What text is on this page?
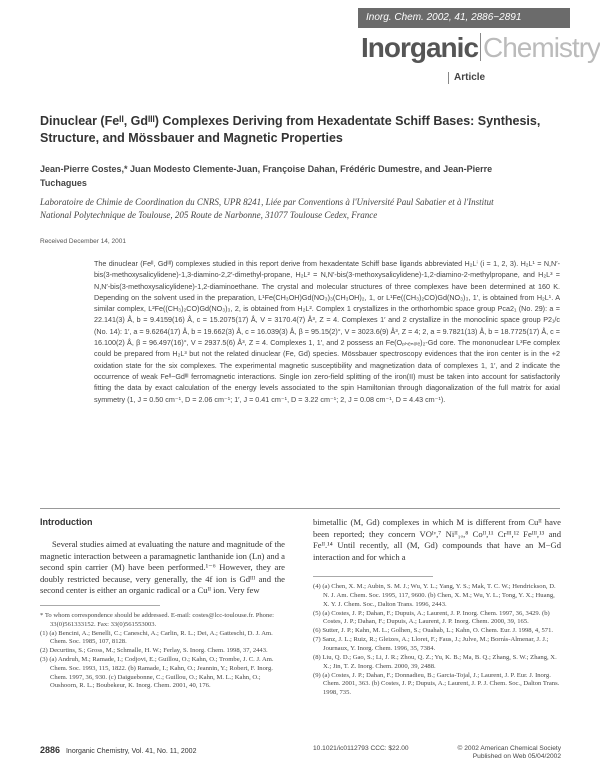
Inorg. Chem. 2002, 41, 2886−2891
Inorganic Chemistry
Article
Dinuclear (Feᴵᴵ, Gdᴵᴵᴵ) Complexes Deriving from Hexadentate Schiff Bases: Synthesis, Structure, and Mössbauer and Magnetic Properties
Jean-Pierre Costes,* Juan Modesto Clemente-Juan, Françoise Dahan, Frédéric Dumestre, and Jean-Pierre Tuchagues
Laboratoire de Chimie de Coordination du CNRS, UPR 8241, Liée par Conventions à l'Université Paul Sabatier et à l'Institut National Polytechnique de Toulouse, 205 Route de Narbonne, 31077 Toulouse Cedex, France
Received December 14, 2001
The dinuclear (Feᴵᴵ, Gdᴵᴵᴵ) complexes studied in this report derive from hexadentate Schiff base ligands abbreviated H₂Lⁱ (i = 1, 2, 3). H₂L¹ = N,N′-bis(3-methoxysalicylidene)-1,3-diamino-2,2′-dimethyl-propane, H₂L² = N,N′-bis(3-methoxysalicylidene)-1,2-diamino-2-methylpropane, and H₂L³ = N,N′-bis(3-methoxysalicylidene)-1,2-diaminoethane. The crystal and molecular structures of three complexes have been determined at 160 K. Depending on the solvent used in the preparation, L¹Fe(CH₃OH)Gd(NO₃)₃(CH₃OH)₂, 1, or L¹Fe((CH₃)₂CO)Gd(NO₃)₃, 1′, is obtained from H₂L¹. A similar complex, L²Fe((CH₃)₂CO)Gd(NO₃)₃, 2, is obtained from H₂L². Complex 1 crystallizes in the orthorhombic space group Pca2₁ (No. 29): a = 22.141(3) Å, b = 9.4159(16) Å, c = 15.2075(17) Å, V = 3170.4(7) Å³, Z = 4. Complexes 1′ and 2 crystallize in the monoclinic space group P2₁/c (No. 14): 1′, a = 9.6264(17) Å, b = 19.662(3) Å, c = 16.039(3) Å, β = 95.15(2)°, V = 3023.6(9) Å³, Z = 4; 2, a = 9.7821(13) Å, b = 18.7725(17) Å, c = 16.100(2) Å, β = 96.497(16)°, V = 2937.5(6) Å³, Z = 4. Complexes 1, 1′, and 2 possess an Fe(Oₚₕₑₙₒₗₑ)₂-Gd core. The mononuclear L³Fe complex could be prepared from H₂L³ but not the related dinuclear (Fe, Gd) species. Mössbauer spectroscopy evidences that the iron center is in the +2 oxidation state for the six complexes. The experimental magnetic susceptibility and magnetization data of complexes 1, 1′, and 2 indicate the occurrence of weak Feᴵᴵ−Gdᴵᴵᴵ ferromagnetic interactions. Single ion zero-field splitting of the iron(II) must be taken into account for satisfactorily fitting the data by exact calculation of the energy levels associated to the spin Hamiltonian through diagonalization of the full matrix for axial symmetry (1, J = 0.50 cm⁻¹, D = 2.06 cm⁻¹; 1′, J = 0.41 cm⁻¹, D = 3.22 cm⁻¹; 2, J = 0.08 cm⁻¹, D = 4.43 cm⁻¹).
Introduction
Several studies aimed at evaluating the nature and magnitude of the magnetic interaction between a paramagnetic lanthanide ion (Ln) and a second spin carrier (M) have been performed.¹⁻⁶ However, they are doubly restricted because, very generally, the 4f ion is Gdᴵᴵᴵ and the second center is either an organic radical or a Cuᴵᴵ ion. Very few
* To whom correspondence should be addressed. E-mail: costes@lcc-toulouse.fr. Phone: 33(0)561333152. Fax: 33(0)561553003.
(1) (a) Bencini, A.; Benelli, C.; Caneschi, A.; Carlin, R. L.; Dei, A.; Gatteschi, D. J. Am. Chem. Soc. 1985, 107, 8128.
(2) Decurtins, S.; Gross, M.; Schmalle, H. W.; Ferlay, S. Inorg. Chem. 1998, 37, 2443.
(3) (a) Andruh, M.; Ramade, I.; Codjovi, E.; Guillou, O.; Kahn, O.; Trombe, J. C. J. Am. Chem. Soc. 1993, 115, 1822. (b) Ramade, I.; Kahn, O.; Jeannin, Y.; Robert, F. Inorg. Chem. 1997, 36, 930. (c) Daiguebonne, C.; Guillou, O.; Kahn, M. L.; Kahn, O.; Oushoorn, R. L.; Boubekeur, K. Inorg. Chem. 2001, 40, 176.
bimetallic (M, Gd) complexes in which M is different from Cuᴵᴵ have been reported; they concern VOᴵᵛ,⁷ Niᴵᴵ₁ₒ,⁸ Coᴵᴵ,¹¹ Crᴵᴵᴵ,¹² Feᴵᴵᴵ,¹³ and Feᴵᴵ.¹⁴ Until recently, all (M, Gd) compounds that have an M−Gd interaction and for which a
(4) (a) Chen, X. M.; Aubin, S. M. J.; Wu, Y. L.; Yang, Y. S.; Mak, T. C. W.; Hendrickson, D. N. J. Am. Chem. Soc. 1995, 117, 9600. (b) Chen, X. M.; Wu, Y. L.; Tong, Y. X.; Huang, X. Y. J. Chem. Soc., Dalton Trans. 1996, 2443.
(5) (a) Costes, J. P.; Dahan, F.; Dupuis, A.; Laurent, J. P. Inorg. Chem. 1997, 36, 3429. (b) Costes, J. P.; Dahan, F.; Dupuis, A.; Laurent, J. P. Inorg. Chem. 2000, 39, 165.
(6) Sutter, J. P.; Kahn, M. L.; Golhen, S.; Ouahab, L.; Kahn, O. Chem. Eur. J. 1998, 4, 571.
(7) Sanz, J. L.; Ruiz, R.; Gleizes, A.; Lloret, F.; Faus, J.; Julve, M.; Borrás-Almenar, J. J.; Journaux, Y. Inorg. Chem. 1996, 35, 7384.
(8) Liu, Q. D.; Gao, S.; Li, J. R.; Zhou, Q. Z.; Yu, K. B.; Ma, B. Q.; Zhang, S. W.; Zhang, X. X.; Jin, T. Z. Inorg. Chem. 2000, 39, 2488.
(9) (a) Costes, J. P.; Dahan, F.; Donnadieu, B.; Garcia-Tojal, J.; Laurent, J. P. Eur. J. Inorg. Chem. 2001, 363. (b) Costes, J. P.; Dupuis, A.; Laurent, J. P. J. Chem. Soc., Dalton Trans. 1998, 735.
2886 Inorganic Chemistry, Vol. 41, No. 11, 2002	10.1021/ic0112793 CCC: $22.00	© 2002 American Chemical Society
Published on Web 05/04/2002
